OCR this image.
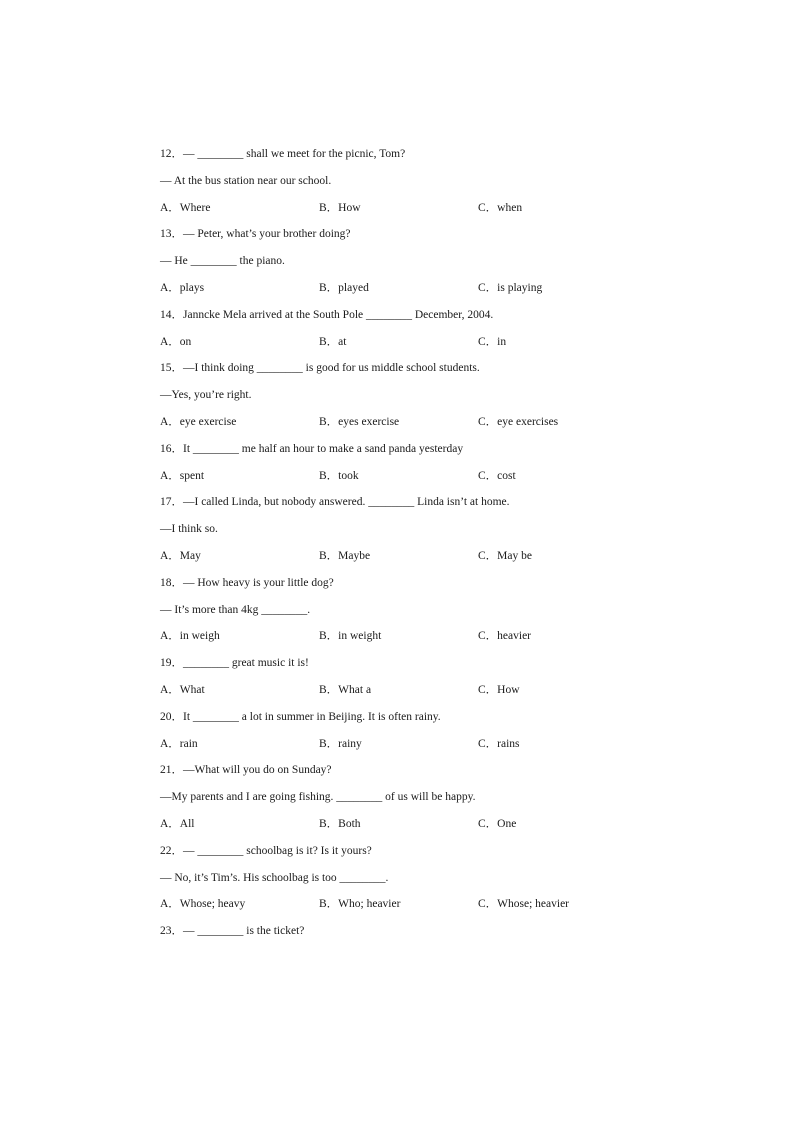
12．— ________ shall we meet for the picnic, Tom?
— At the bus station near our school.
A．Where	B．How	C．when
13．— Peter, what’s your brother doing?
— He ________ the piano.
A．plays	B．played	C．is playing
14．Janncke Mela arrived at the South Pole ________ December, 2004.
A．on	B．at	C．in
15．—I think doing ________ is good for us middle school students.
—Yes, you’re right.
A．eye exercise	B．eyes exercise	C．eye exercises
16．It ________ me half an hour to make a sand panda yesterday
A．spent	B．took	C．cost
17．—I called Linda, but nobody answered. ________ Linda isn’t at home.
—I think so.
A．May	B．Maybe	C．May be
18．— How heavy is your little dog?
— It’s more than 4kg ________.
A．in weigh	B．in weight	C．heavier
19．________ great music it is!
A．What	B．What a	C．How
20．It ________ a lot in summer in Beijing. It is often rainy.
A．rain	B．rainy	C．rains
21．—What will you do on Sunday?
—My parents and I are going fishing. ________ of us will be happy.
A．All	B．Both	C．One
22．— ________ schoolbag is it? Is it yours?
— No, it’s Tim’s. His schoolbag is too ________.
A．Whose; heavy	B．Who; heavier	C．Whose; heavier
23．— ________ is the ticket?
